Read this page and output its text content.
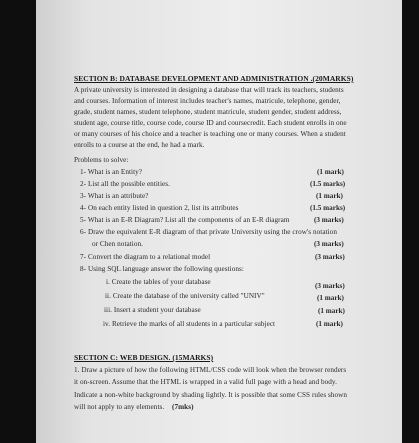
SECTION B: DATABASE DEVELOPMENT AND ADMINISTRATION .(20MARKS)
A private university is interested in designing a database that will track its teachers, students
and courses. Information of interest includes teacher's names, matricule, telephone, gender,
grade, student names, student telephone, student matricule, student gender, student address,
student age, course title, course code, course ID and coursecredit. Each student enrolls in one
or many courses of his choice and a teacher is teaching one or many courses. When a student
enrolls to a course at the end, he had a mark.
Problems to solve:
1- What is an Entity?	(1 mark)
2- List all the possible entities.	(1.5 marks)
3- What is an attribute?	(1 mark)
4- On each entity listed in question 2, list its attributes	(1.5 marks)
5- What is an E-R Diagram? List all the components of an E-R diagram	(3 marks)
6- Draw the equivalent E-R diagram of that private University using the crow's notation
or Chen notation.	(3 marks)
7- Convert the diagram to a relational model	(3 marks)
8- Using SQL language answer the following questions:
i. Create the tables of your database	(3 marks)
ii. Create the database of the university called "UNIV"	(1 mark)
iii. Insert a student your database	(1 mark)
iv. Retrieve the marks of all students in a particular subject	(1 mark)
SECTION C: WEB DESIGN. (15MARKS)
1. Draw a picture of how the following HTML/CSS code will look when the browser renders
it on-screen. Assume that the HTML is wrapped in a valid full page with a head and body.
Indicate a non-white background by shading lightly. It is possible that some CSS rules shown
will not apply to any elements. (7mks)
